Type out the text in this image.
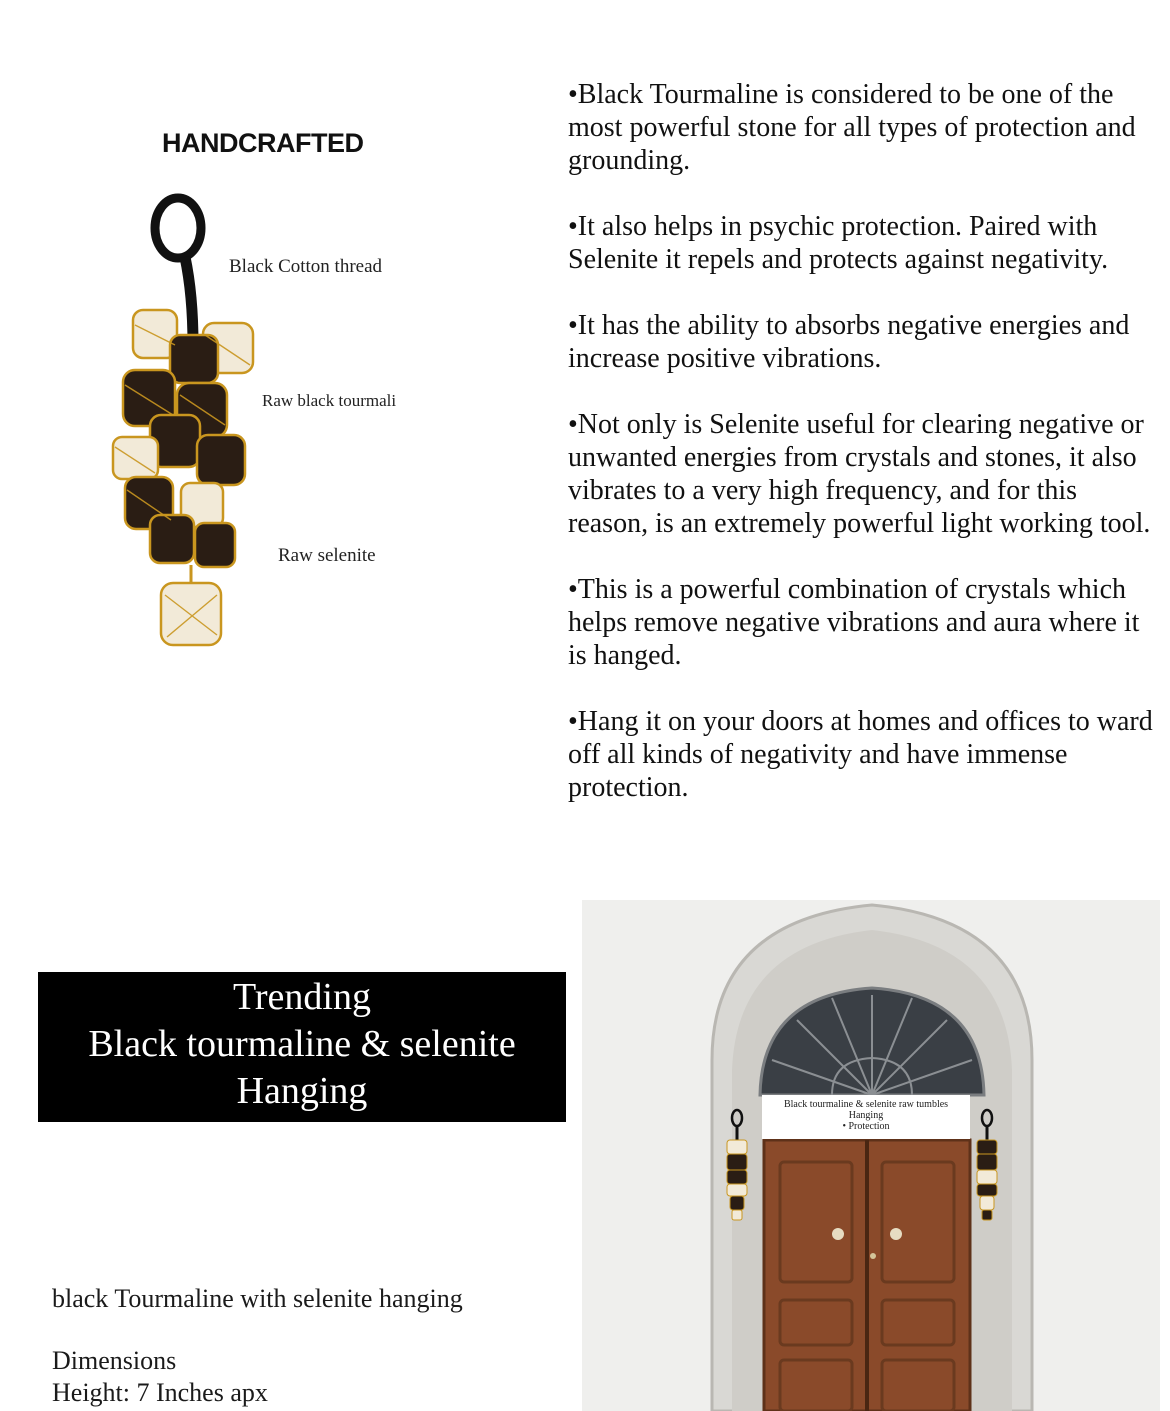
HANDCRAFTED
Black Cotton thread
Raw black tourmali
Raw selenite
Trending
Black tourmaline & selenite
Hanging
black Tourmaline with selenite hanging
Dimensions
Height: 7 Inches apx

•Black Tourmaline is considered to be one of the most powerful stone for all types of protection and grounding.

•It also helps in psychic protection. Paired with Selenite it repels and protects against negativity.

•It has the ability to absorbs negative energies and increase positive vibrations.

•Not only is Selenite useful for clearing negative or unwanted energies from crystals and stones, it also vibrates to a very high frequency, and for this reason, is an extremely powerful light working tool.

•This is a powerful combination of crystals which helps remove negative vibrations and aura where it is hanged.

•Hang it on your doors at homes and offices to ward off all kinds of negativity and have immense protection.

Black tourmaline & selenite raw tumbles
Hanging
• Protection
